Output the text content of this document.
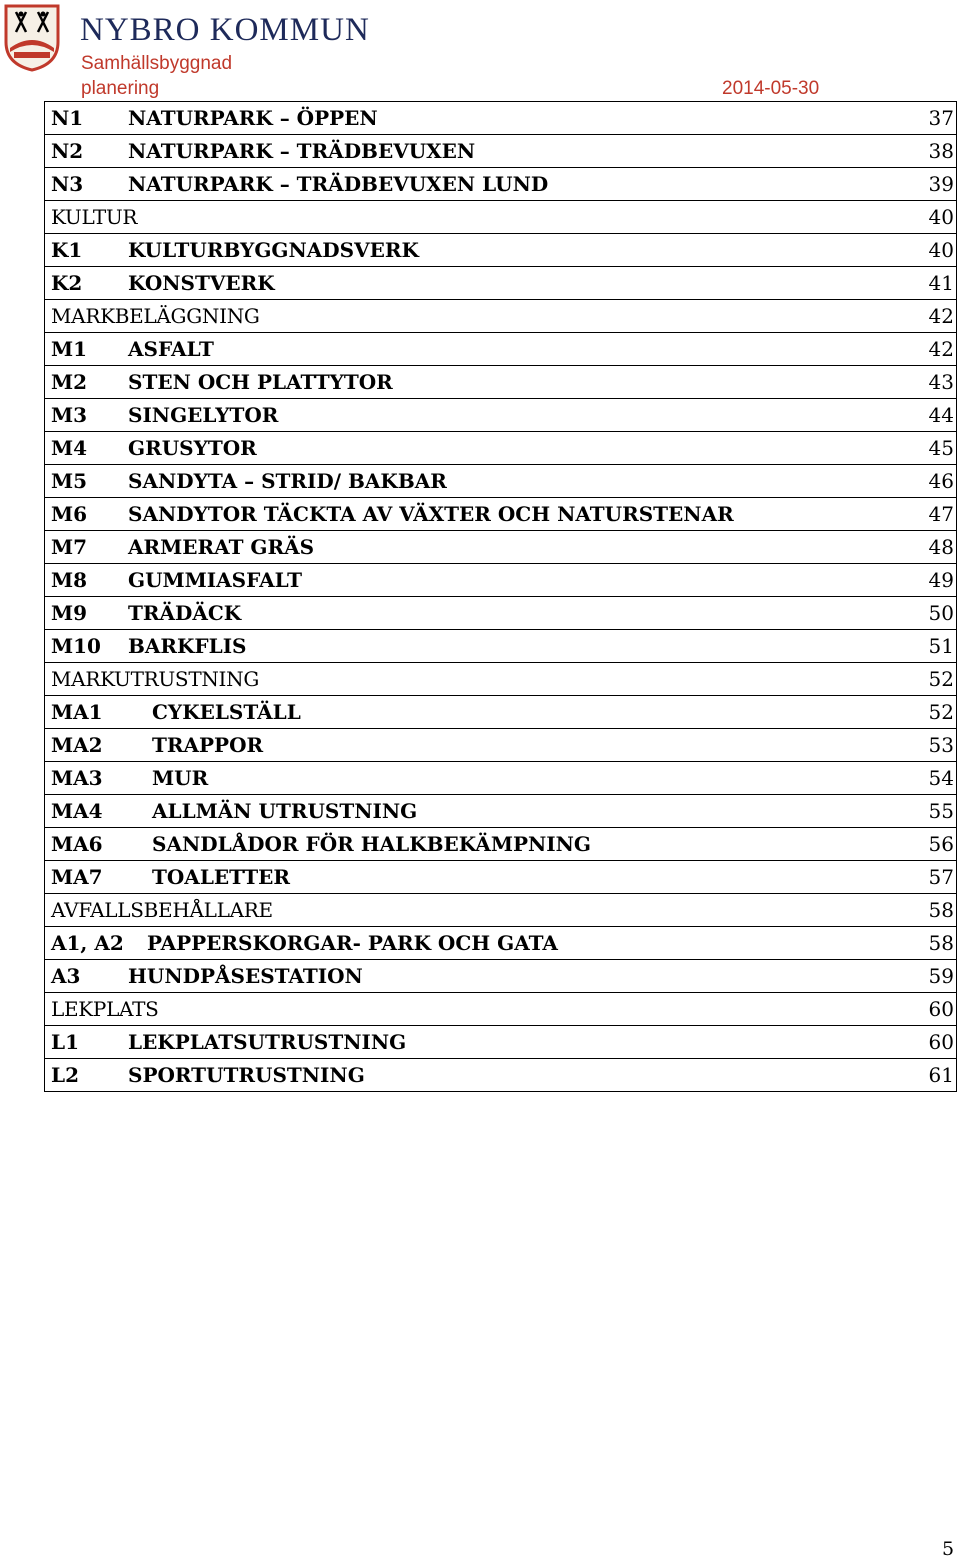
NYBRO KOMMUN
Samhällsbyggnad
planering	2014-05-30
N1 NATURPARK – ÖPPEN	37
N2 NATURPARK – TRÄDBEVUXEN	38
N3 NATURPARK – TRÄDBEVUXEN LUND	39
KULTUR	40
K1 KULTURBYGGNADSVERK	40
K2 KONSTVERK	41
MARKBELÄGGNING	42
M1 ASFALT	42
M2 STEN OCH PLATTYTOR	43
M3 SINGELYTOR	44
M4 GRUSYTOR	45
M5 SANDYTA – STRID/ BAKBAR	46
M6 SANDYTOR TÄCKTA AV VÄXTER OCH NATURSTENAR	47
M7 ARMERAT GRÄS	48
M8 GUMMIASFALT	49
M9 TRÄDÄCK	50
M10 BARKFLIS	51
MARKUTRUSTNING	52
MA1 CYKELSTÄLL	52
MA2 TRAPPOR	53
MA3 MUR	54
MA4 ALLMÄN UTRUSTNING	55
MA6 SANDLÅDOR FÖR HALKBEKÄMPNING	56
MA7 TOALETTER	57
AVFALLSBEHÅLLARE	58
A1, A2 PAPPERSKORGAR- PARK OCH GATA	58
A3 HUNDPÅSESTATION	59
LEKPLATS	60
L1 LEKPLATSUTRUSTNING	60
L2 SPORTUTRUSTNING	61
5
